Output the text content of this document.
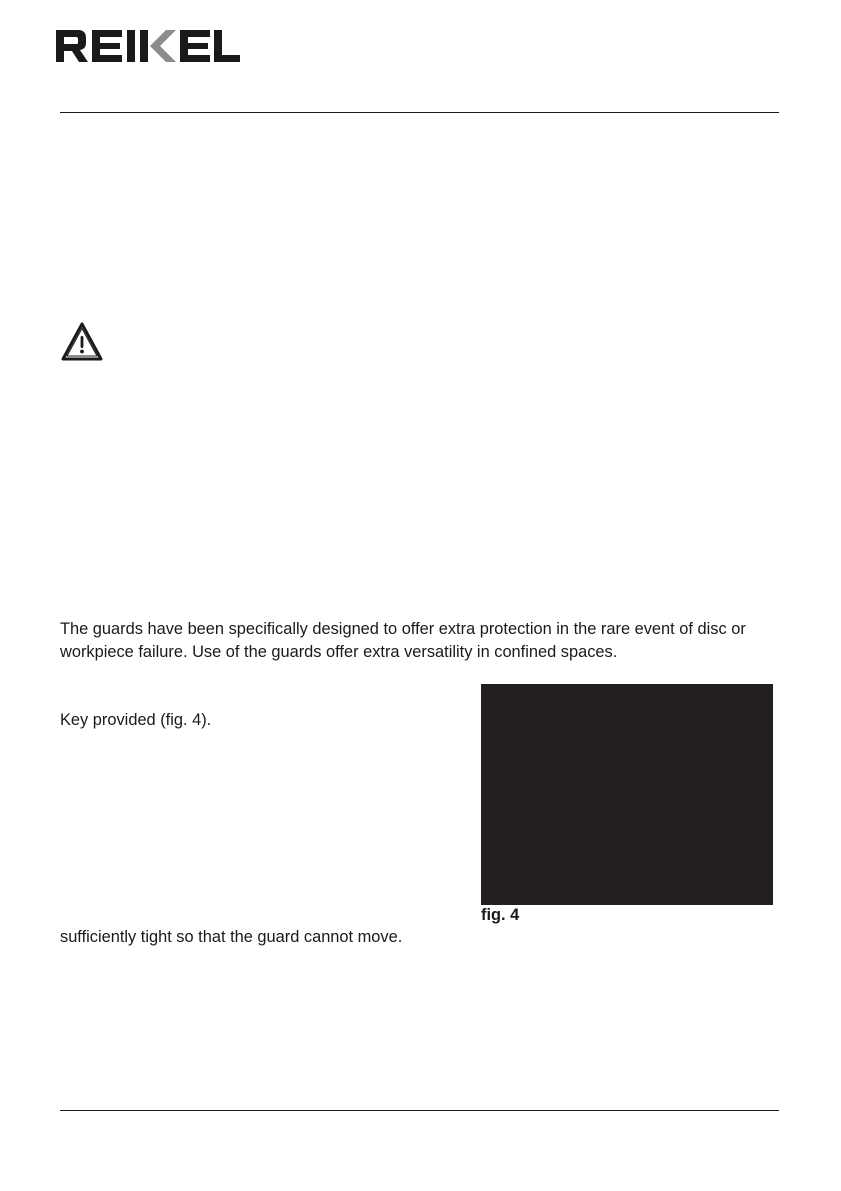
The guards have been specifically designed to offer extra protection in the rare event of disc or
workpiece failure. Use of the guards offer extra versatility in confined spaces.

Key provided (fig. 4).

sufficiently tight so that the guard cannot move.

fig. 4
